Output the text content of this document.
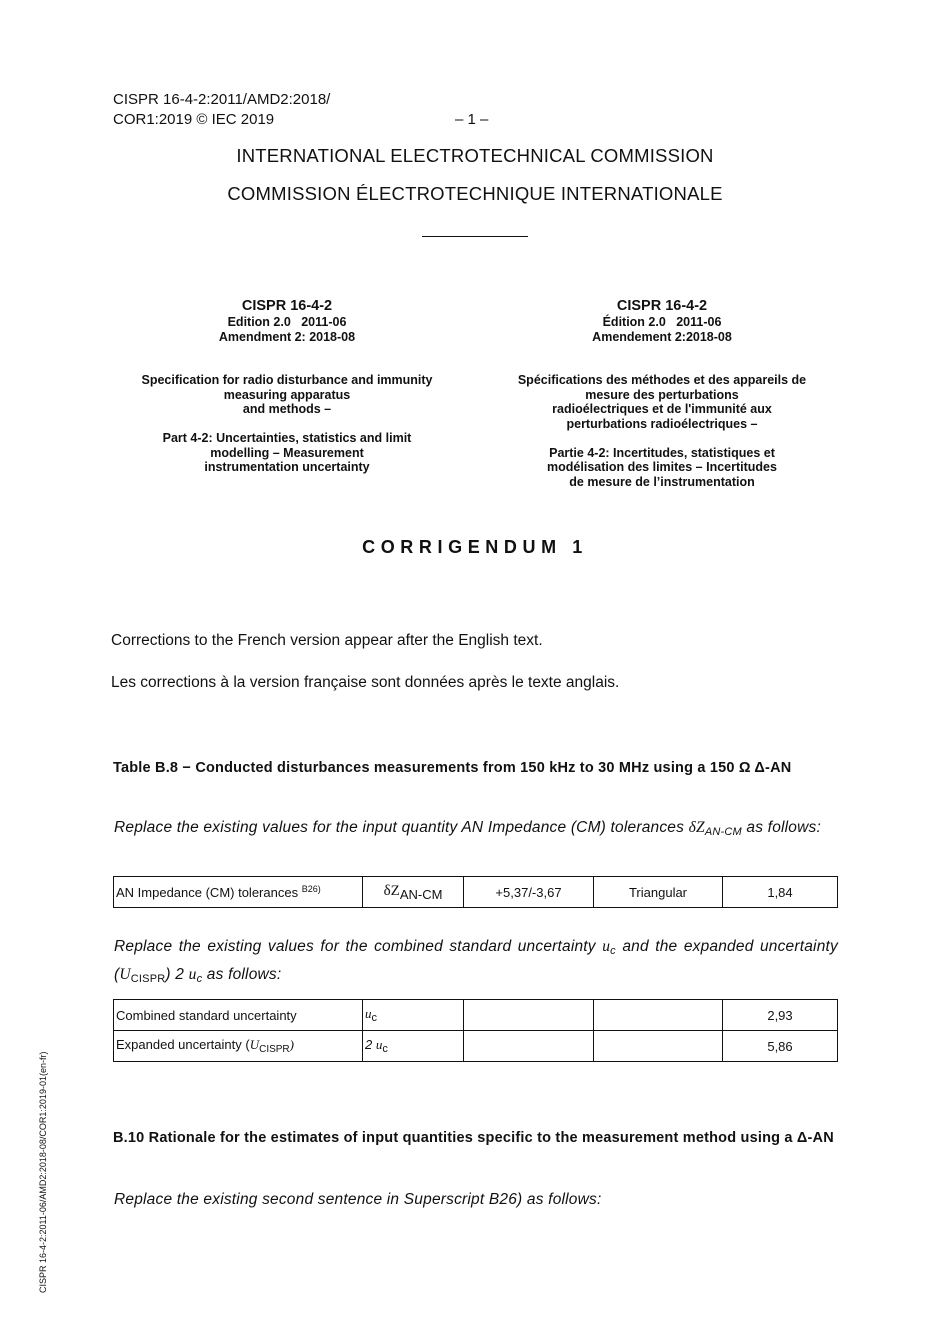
CISPR 16-4-2:2011/AMD2:2018/
COR1:2019 © IEC 2019	– 1 –
INTERNATIONAL ELECTROTECHNICAL COMMISSION
COMMISSION ÉLECTROTECHNIQUE INTERNATIONALE
CISPR 16-4-2
Edition 2.0   2011-06
Amendment 2: 2018-08
Specification for radio disturbance and immunity
measuring apparatus
and methods –
Part 4-2: Uncertainties, statistics and limit
modelling – Measurement
instrumentation uncertainty
CISPR 16-4-2
Édition 2.0   2011-06
Amendement 2:2018-08
Spécifications des méthodes et des appareils de
mesure des perturbations
radioélectriques et de l'immunité aux
perturbations radioélectriques –
Partie 4-2: Incertitudes, statistiques et
modélisation des limites – Incertitudes
de mesure de l’instrumentation
CORRIGENDUM 1
Corrections to the French version appear after the English text.
Les corrections à la version française sont données après le texte anglais.
Table B.8 − Conducted disturbances measurements from 150 kHz to 30 MHz using a 150 Ω Δ-AN
Replace the existing values for the input quantity AN Impedance (CM) tolerances $\delta Z_{AN-CM}$ as follows:
AN Impedance (CM) tolerances $^{B26)}$	δZAN-CM	+5,37/-3,67	Triangular	1,84
Replace the existing values for the combined standard uncertainty $u_c$ and the expanded uncertainty $(U_{CISPR})$ 2 $u_c$ as follows:
Combined standard uncertainty	$u_c$			2,93
Expanded uncertainty $(U_{CISPR})$	2 $u_c$			5,86
B.10 Rationale for the estimates of input quantities specific to the measurement method using a Δ-AN
Replace the existing second sentence in Superscript B26) as follows:
CISPR 16-4-2:2011-06/AMD2:2018-08/COR1:2019-01(en-fr)
